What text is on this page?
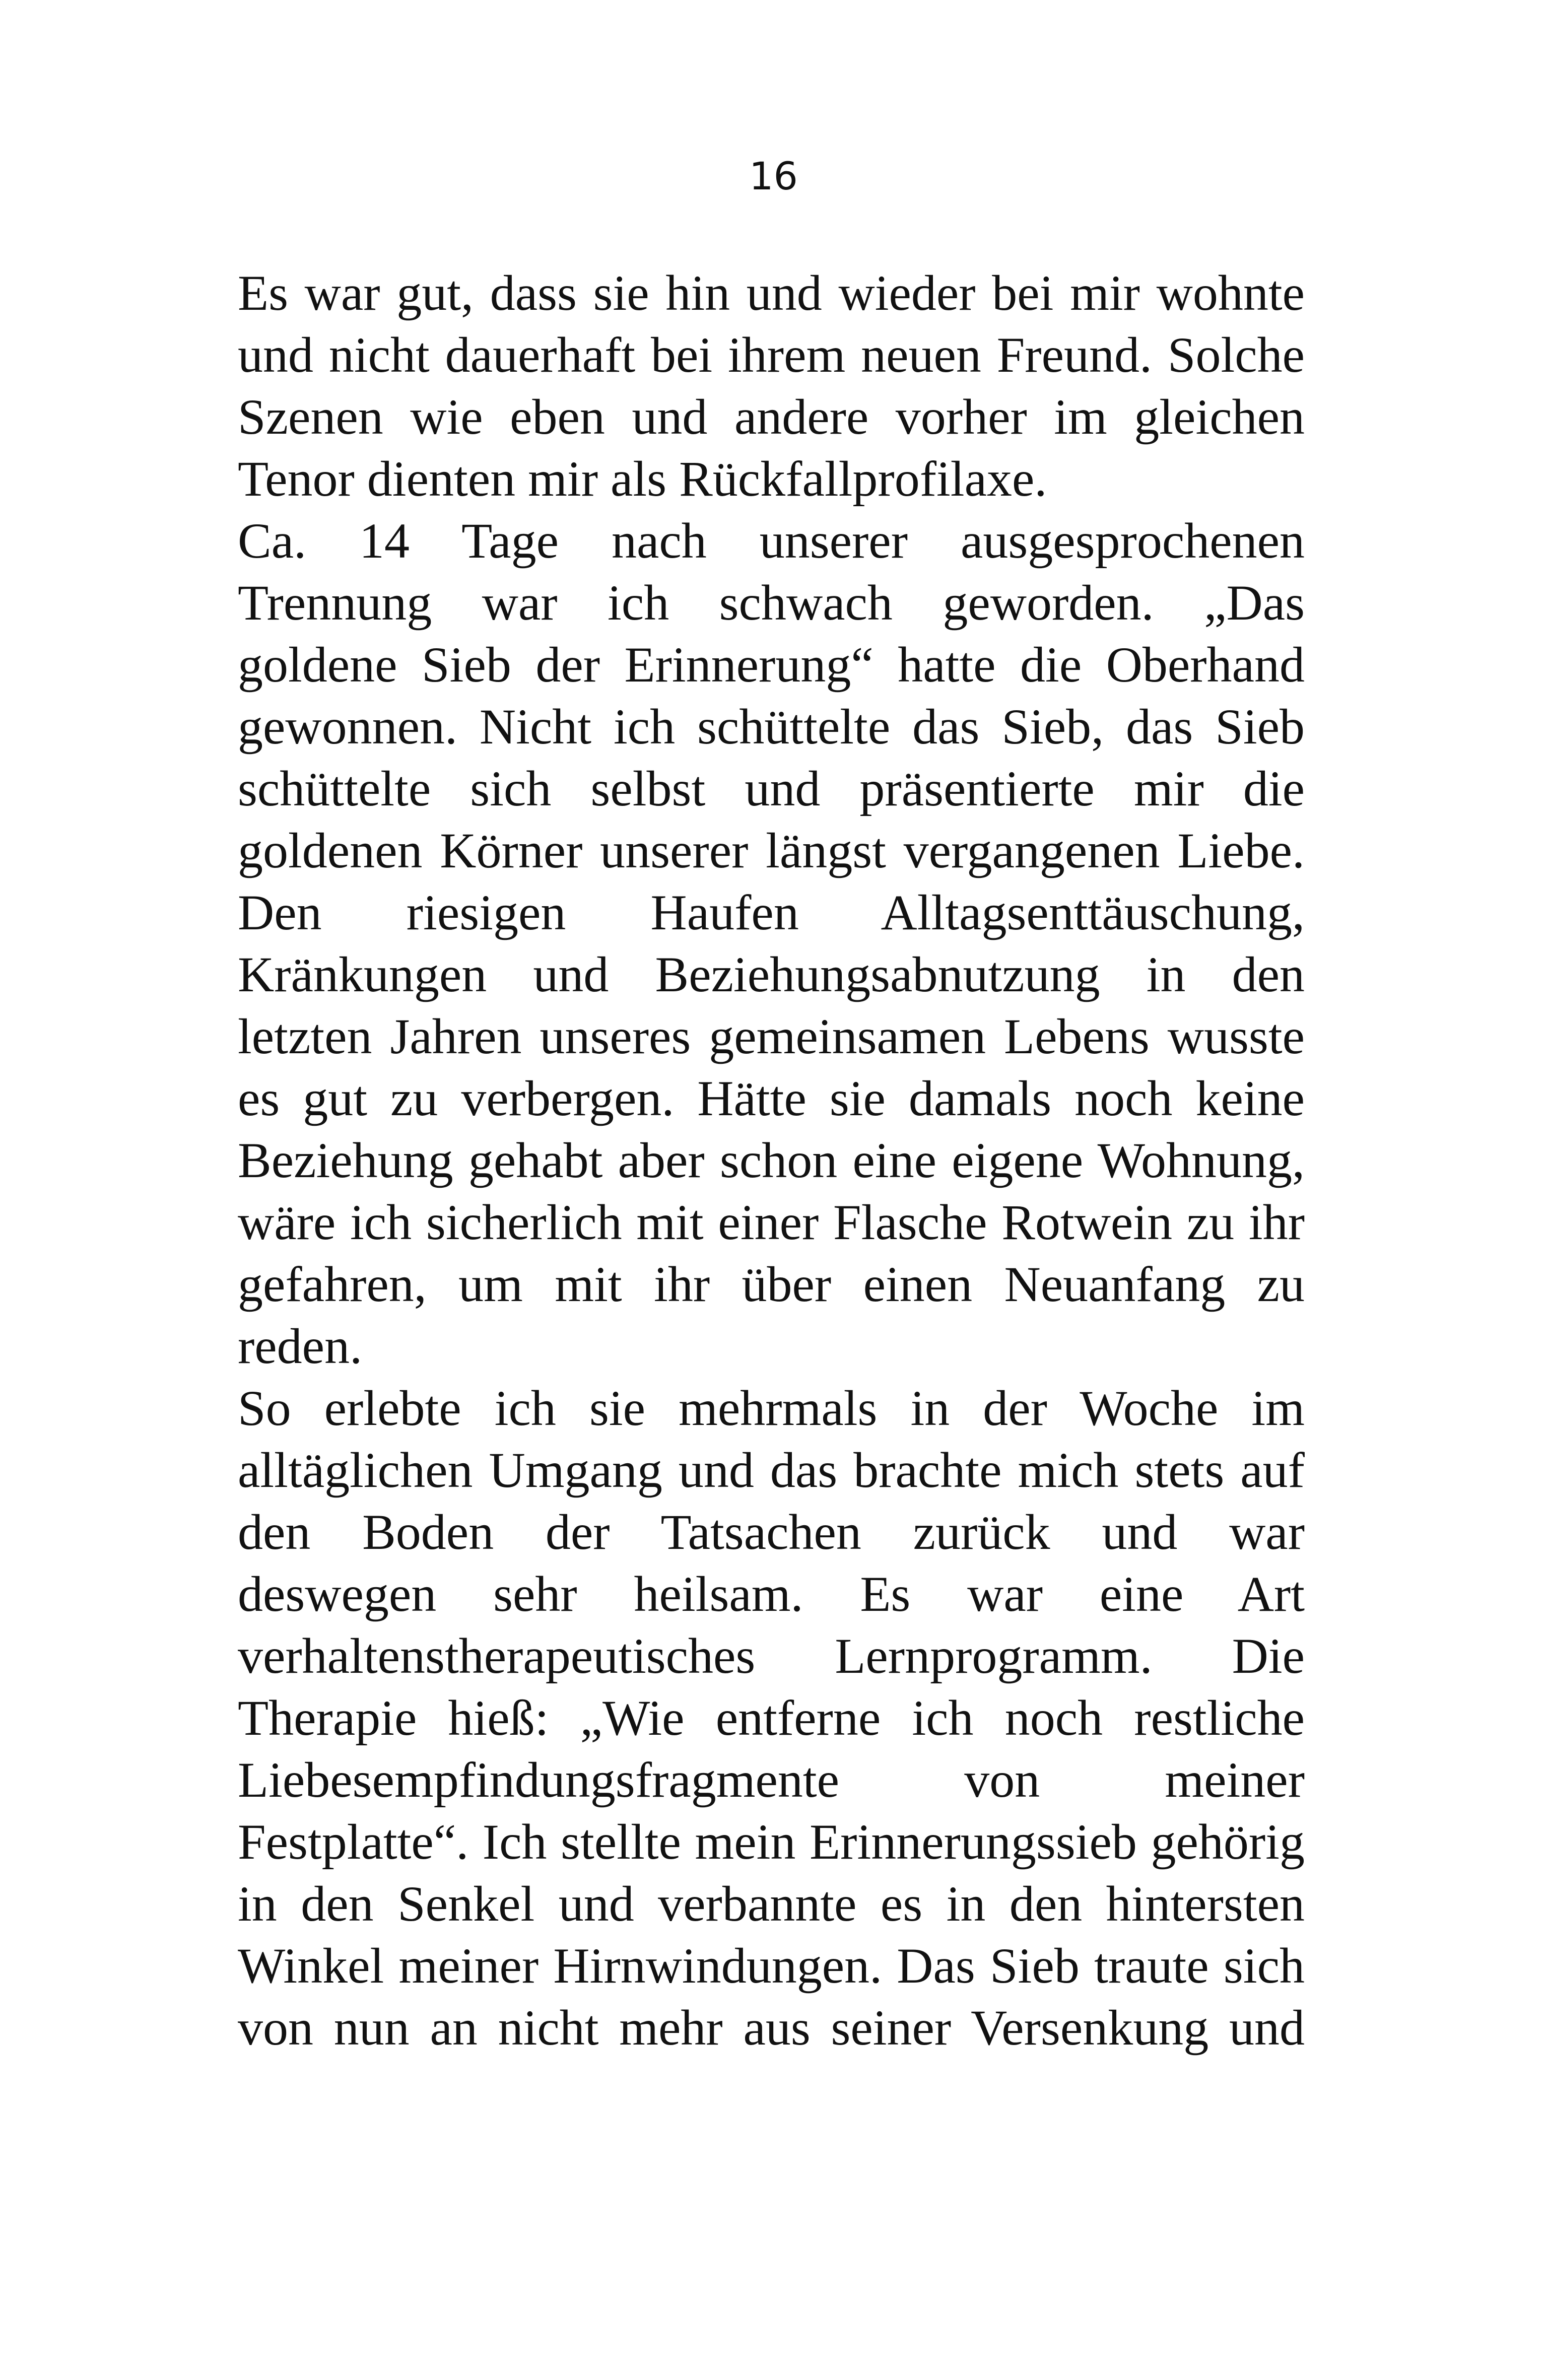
16
Es war gut, dass sie hin und wieder bei mir wohnte
und nicht dauerhaft bei ihrem neuen Freund. Solche
Szenen wie eben und andere vorher im gleichen
Tenor dienten mir als Rückfallprofilaxe.
Ca. 14 Tage nach unserer ausgesprochenen
Trennung war ich schwach geworden. „Das
goldene Sieb der Erinnerung“ hatte die Oberhand
gewonnen. Nicht ich schüttelte das Sieb, das Sieb
schüttelte sich selbst und präsentierte mir die
goldenen Körner unserer längst vergangenen Liebe.
Den riesigen Haufen Alltagsenttäuschung,
Kränkungen und Beziehungsabnutzung in den
letzten Jahren unseres gemeinsamen Lebens wusste
es gut zu verbergen. Hätte sie damals noch keine
Beziehung gehabt aber schon eine eigene Wohnung,
wäre ich sicherlich mit einer Flasche Rotwein zu ihr
gefahren, um mit ihr über einen Neuanfang zu
reden.
So erlebte ich sie mehrmals in der Woche im
alltäglichen Umgang und das brachte mich stets auf
den Boden der Tatsachen zurück und war
deswegen sehr heilsam. Es war eine Art
verhaltenstherapeutisches Lernprogramm. Die
Therapie hieß: „Wie entferne ich noch restliche
Liebesempfindungsfragmente von meiner
Festplatte“. Ich stellte mein Erinnerungssieb gehörig
in den Senkel und verbannte es in den hintersten
Winkel meiner Hirnwindungen. Das Sieb traute sich
von nun an nicht mehr aus seiner Versenkung und
